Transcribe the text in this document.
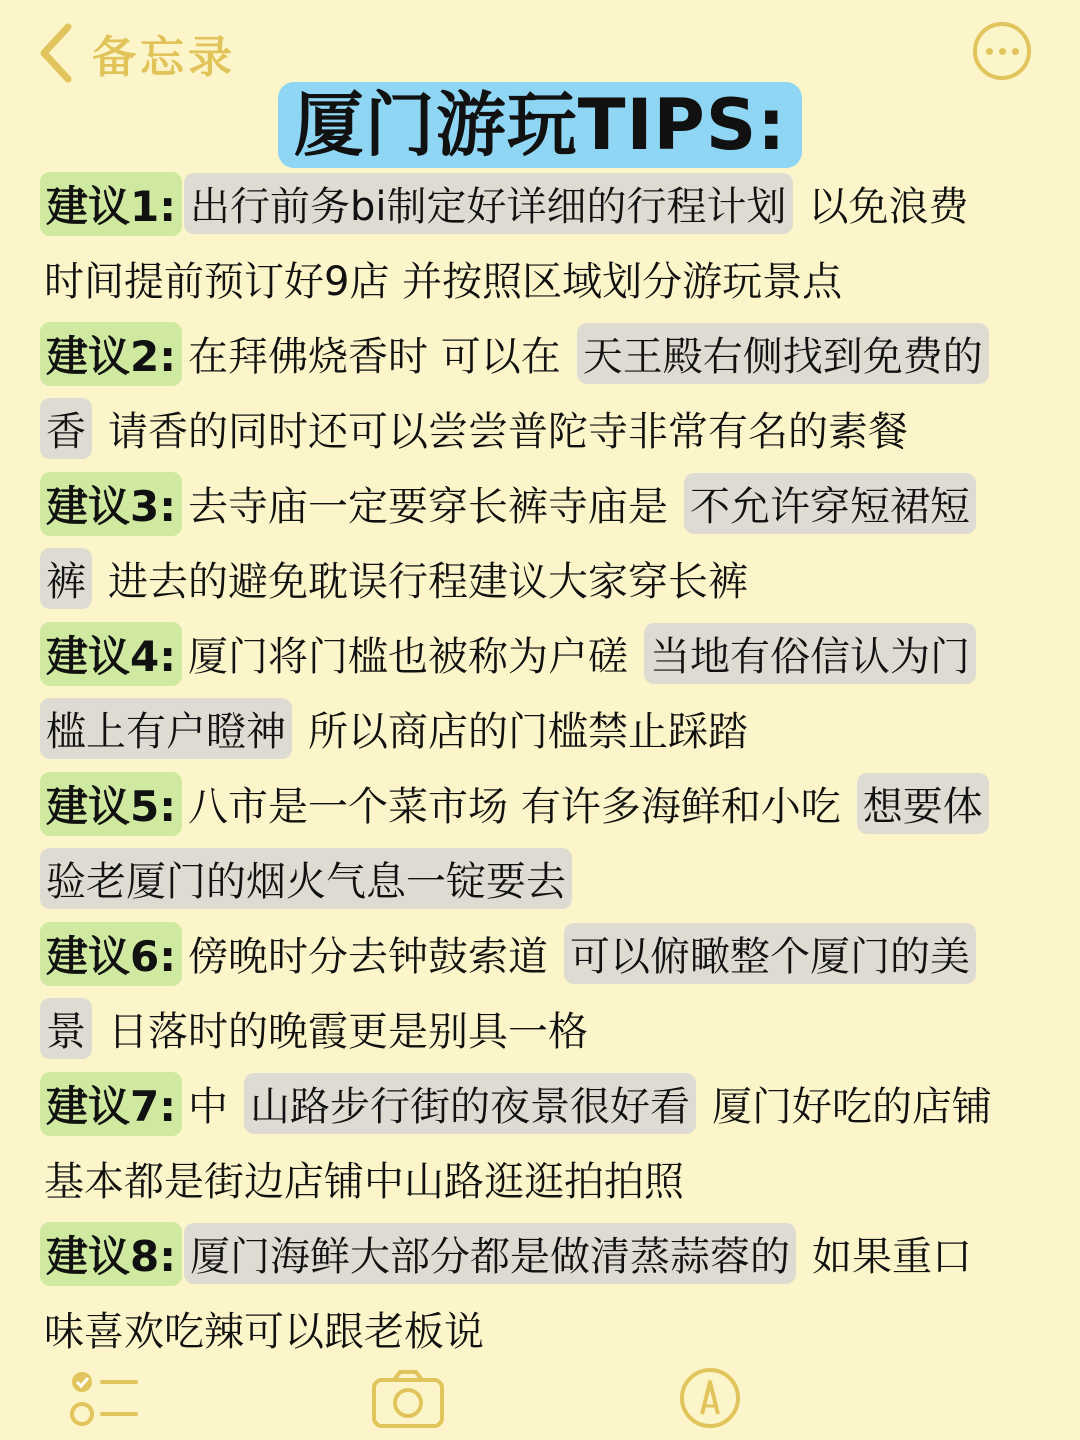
备忘录
厦门游玩TIPS:
建议1: 出行前务bi制定好详细的行程计划 以免浪费
时间提前预订好9店 并按照区域划分游玩景点
建议2: 在拜佛烧香时 可以在 天王殿右侧找到免费的
香 请香的同时还可以尝尝普陀寺非常有名的素餐
建议3: 去寺庙一定要穿长裤寺庙是 不允许穿短裙短
裤 进去的避免耽误行程建议大家穿长裤
建议4: 厦门将门槛也被称为户磋 当地有俗信认为门
槛上有户瞪神 所以商店的门槛禁止踩踏
建议5: 八市是一个菜市场 有许多海鲜和小吃 想要体
验老厦门的烟火气息一锭要去
建议6: 傍晚时分去钟鼓索道 可以俯瞰整个厦门的美
景 日落时的晚霞更是别具一格
建议7: 中 山路步行街的夜景很好看 厦门好吃的店铺
基本都是街边店铺中山路逛逛拍拍照
建议8: 厦门海鲜大部分都是做清蒸蒜蓉的 如果重口
味喜欢吃辣可以跟老板说
